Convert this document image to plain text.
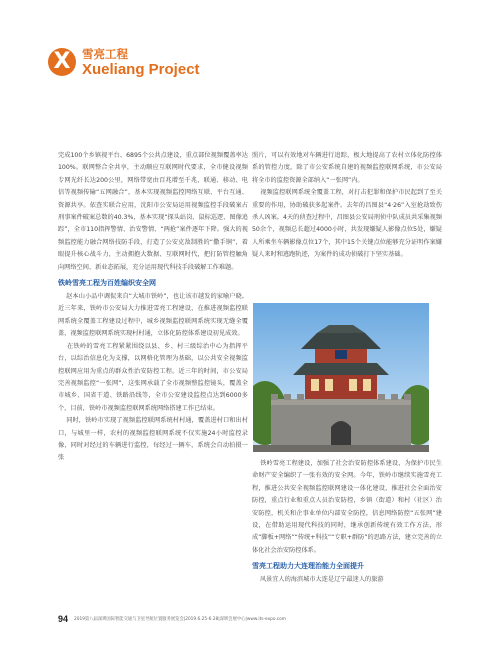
X	雪亮工程
Xueliang Project

完成100个乡镇视平台、6895个公共点建设，重点部位视频覆盖率达100%。联网整合全共享，主动顺应互联网时代要求，全市健设视频专网光纤长达200公里，网络带宽由百兆增至千兆，联通、移动、电信等视频传输“五网融合”，基本实现视频监控网络互联、平台互通、资源共享。依查实联合应用，沈阳市公安局运用视频监控手段破案占刑事案件破案总数的40.3%，基本实现“探头站岗、鼠标巡逻、图像追踪”，全市110指挥警情、治安警情、“两抢”案件逐年下降。强大的视频监控能力融合网络技防手段，打造了公安克敌制胜的“撒手锏”，着眼提升核心战斗力，主动拥抱大数据、互联网时代，把打防管控触角向网络空间、新业态拓展，充分运用现代科技手段破解工作难题。

铁岭雪亮工程为百姓编织安全网

赵本山小品中调侃来自“大城市铁岭”，也让该市越发的家喻户晓。近三年来，铁岭市公安局大力推进雪亮工程建设，在推进视频监控联网系统全覆盖工程建设过程中，城乡视频监控联网系统实现无缝全覆盖，视频监控联网系统实现村村通，立体化防控体系建设初见成效。

在铁岭的雪亮工程紧紧围绕以县、乡、村三级综治中心为指挥平台，以综治信息化为支撑，以网格化管理为基础，以公共安全视频监控联网应用为重点的群众性治安防控工程。近三年的时间，市公安局完善视频监控“一张网”，这张网承载了全市视频整监控镜头，覆盖全市城乡、国省干道、铁路沿线等，全市公安建设监控点达到6000多个，目前，铁岭市视频监控联网系统网络搭建工作已结束。

同时，铁岭市实现了视频监控联网系统村村通，覆盖进村口和出村口，与城里一样，农村的视频监控联网系统不仅实施24小时监控录像，同时对经过的车辆进行监控，每经过一辆车，系统会自动拍摄一张

照片，可以有效地对车辆进行追踪，极大地提高了农村立体化防控体系的管控力度，除了市公安系统自建的视频监控联网系统，市公安局将全市的监控资源全部纳入“一张网”内。

视频监控联网系统全覆盖工程，对打击犯罪和保护市民起到了至关重要的作用，协助破获多起案件。去年的昌图县“4·26”入室抢劫致伤杀人凶案。4天的侦查过程中，昌图县公安局刑侦中队成员共采集视频50余个，视频总长超过4000小时，共发现嫌疑人影像点位5处，嫌疑人所乘坐车辆影像点位17个，其中15个关键点位能够充分证明作案嫌疑人来时和逃跑轨迹，为案件的成功侦破打下坚实基础。

铁岭雪亮工程建设，加强了社会治安防控体系建设，为保护市民生命财产安全编织了一张有效的安全网。今年，铁岭市继续实施雪亮工程，推进公共安全视频监控联网建设一体化建设，推进社会全面治安防控，重点行业和重点人员治安防控，乡镇（街道）和村（社区）治安防控，机关和企事业单位内部安全防控，信息网络防控“五张网”建设，在借助运用现代科技的同时，继承创新传统有效工作方法，形成“脚板+网络”“传统+科技”“专职+群防”的思路方法，建立完善的立体化社会治安防控体系。

雪亮工程助力大连理治能力全面提升

风景宜人的海滨城市大连是辽宁最迷人的旅游

94 2019第八届深圳国际智能交通与卫星导航位置服务展览会|2019.6.25-6.28|深圳会展中心|www.its-expo.com
